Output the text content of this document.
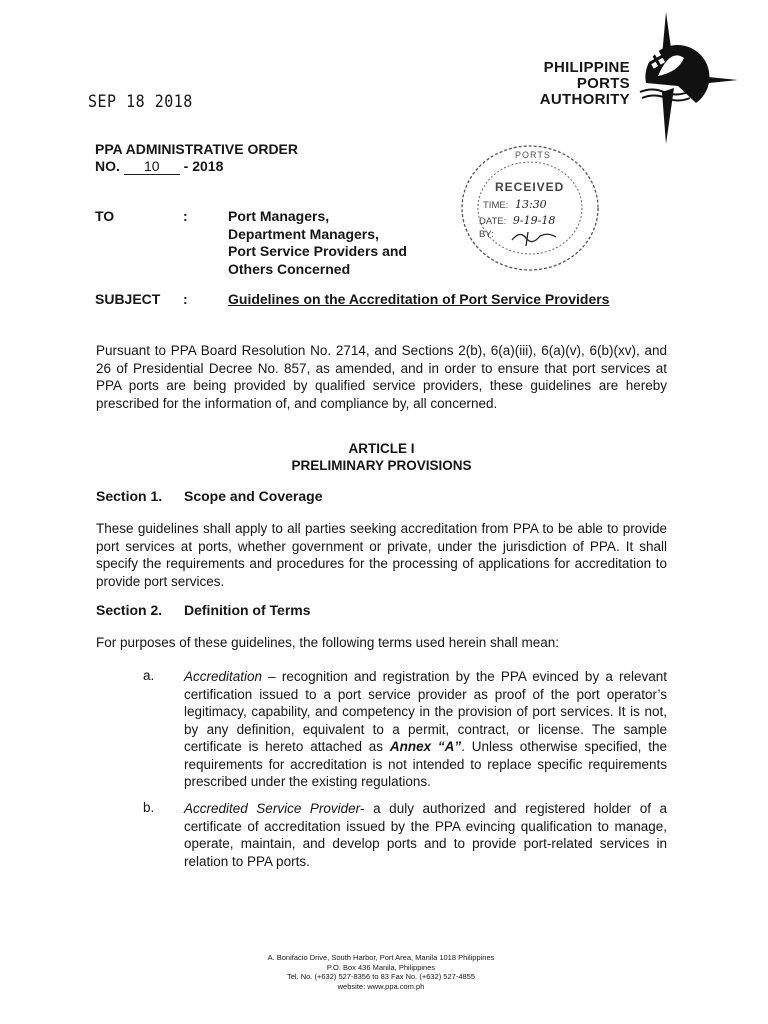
PHILIPPINE
PORTS
AUTHORITY
SEP 18 2018
PORTS
RECEIVED
TIME: 13:30
DATE: 9-19-18
BY:
PPA ADMINISTRATIVE ORDER
NO. 10 - 2018
TO	:	Port Managers,
Department Managers,
Port Service Providers and
Others Concerned
SUBJECT :	Guidelines on the Accreditation of Port Service Providers
Pursuant to PPA Board Resolution No. 2714, and Sections 2(b), 6(a)(iii), 6(a)(v), 6(b)(xv), and 26 of Presidential Decree No. 857, as amended, and in order to ensure that port services at PPA ports are being provided by qualified service providers, these guidelines are hereby prescribed for the information of, and compliance by, all concerned.
ARTICLE I
PRELIMINARY PROVISIONS
Section 1. Scope and Coverage
These guidelines shall apply to all parties seeking accreditation from PPA to be able to provide port services at ports, whether government or private, under the jurisdiction of PPA. It shall specify the requirements and procedures for the processing of applications for accreditation to provide port services.
Section 2. Definition of Terms
For purposes of these guidelines, the following terms used herein shall mean:
a. Accreditation – recognition and registration by the PPA evinced by a relevant certification issued to a port service provider as proof of the port operator’s legitimacy, capability, and competency in the provision of port services. It is not, by any definition, equivalent to a permit, contract, or license. The sample certificate is hereto attached as Annex “A”. Unless otherwise specified, the requirements for accreditation is not intended to replace specific requirements prescribed under the existing regulations.
b. Accredited Service Provider- a duly authorized and registered holder of a certificate of accreditation issued by the PPA evincing qualification to manage, operate, maintain, and develop ports and to provide port-related services in relation to PPA ports.
A. Bonifacio Drive, South Harbor, Port Area, Manila 1018 Philippines
P.O. Box 436 Manila, Philippines
Tel. No. (+632) 527-8356 to 83 Fax No. (+632) 527-4855
website: www.ppa.com.ph
